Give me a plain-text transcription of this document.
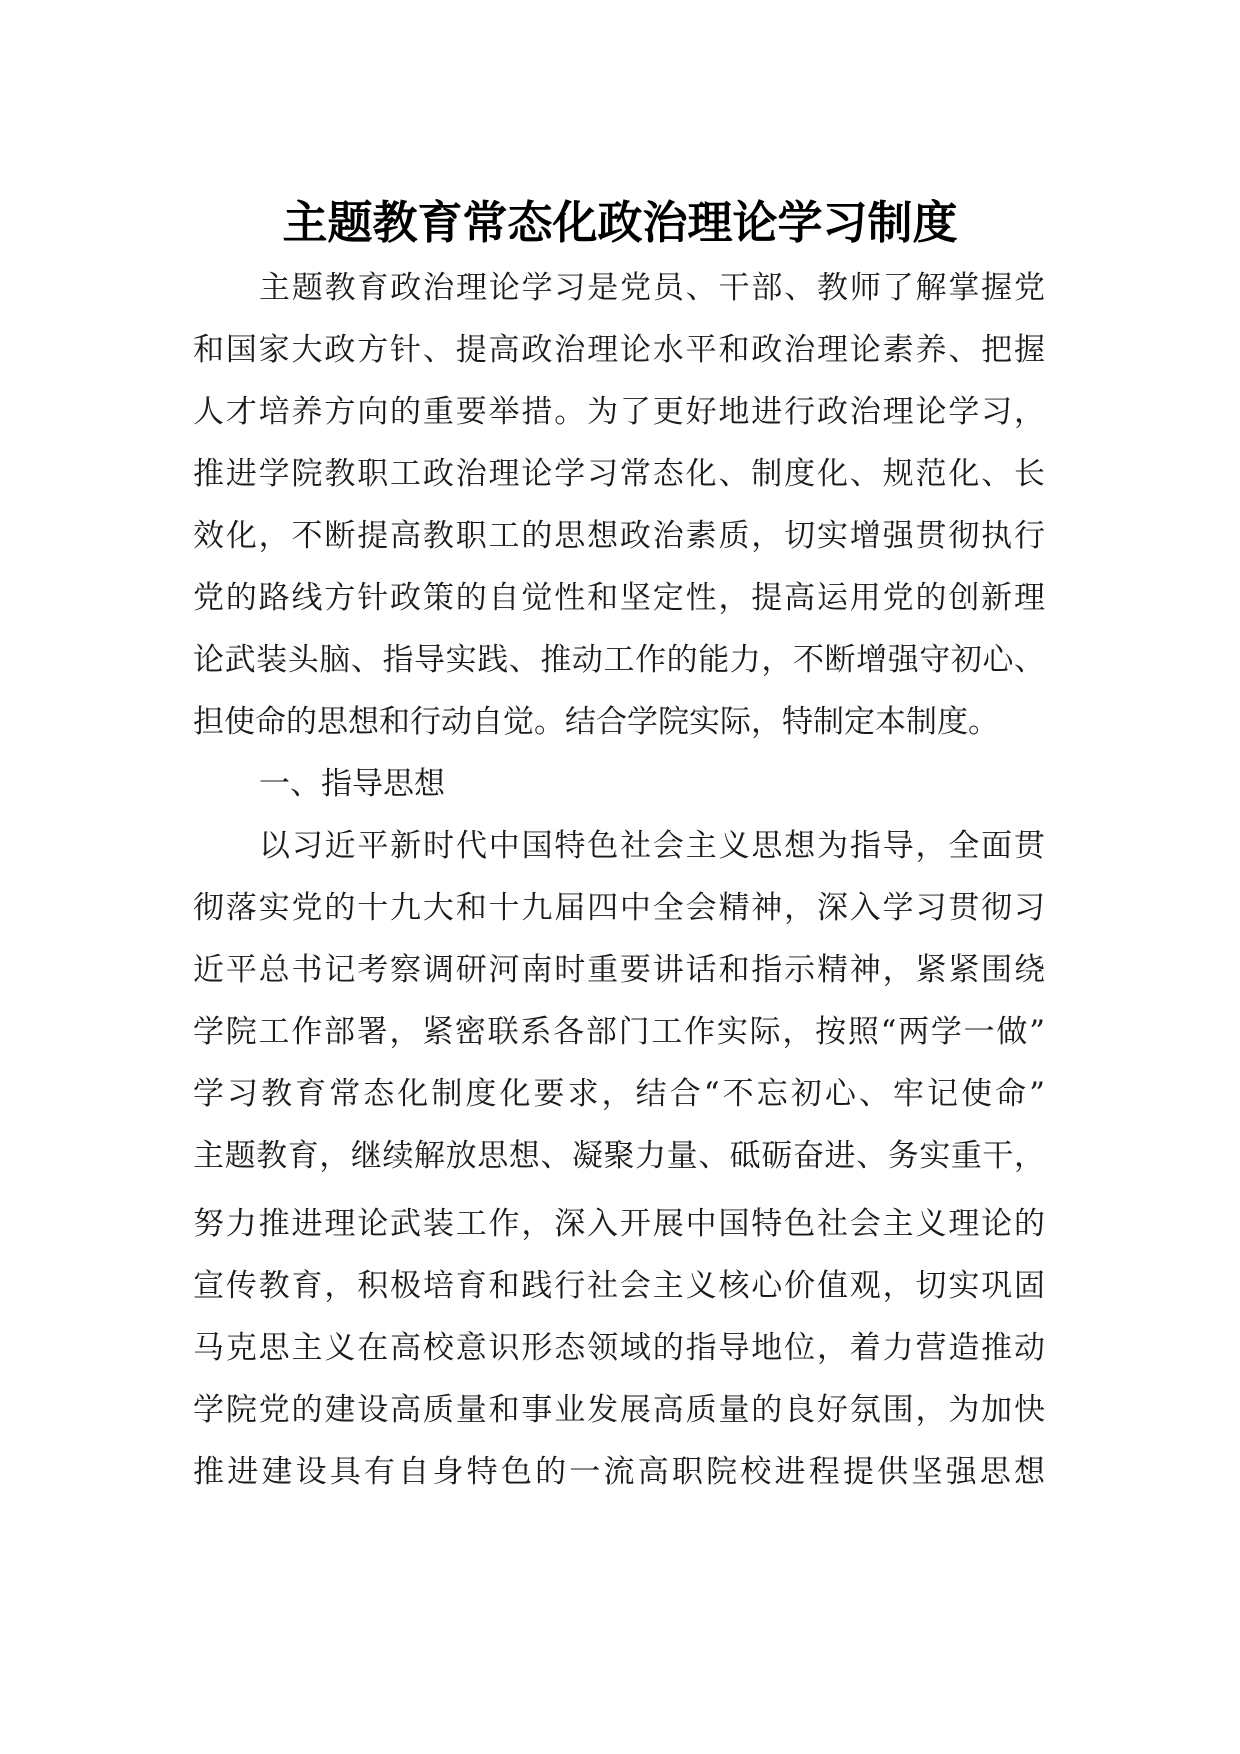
主题教育常态化政治理论学习制度
主题教育政治理论学习是党员、干部、教师了解掌握党
和国家大政方针、提高政治理论水平和政治理论素养、把握
人才培养方向的重要举措。为了更好地进行政治理论学习，
推进学院教职工政治理论学习常态化、制度化、规范化、长
效化，不断提高教职工的思想政治素质，切实增强贯彻执行
党的路线方针政策的自觉性和坚定性，提高运用党的创新理
论武装头脑、指导实践、推动工作的能力，不断增强守初心、
担使命的思想和行动自觉。结合学院实际，特制定本制度。
一、指导思想
以习近平新时代中国特色社会主义思想为指导，全面贯
彻落实党的十九大和十九届四中全会精神，深入学习贯彻习
近平总书记考察调研河南时重要讲话和指示精神，紧紧围绕
学院工作部署，紧密联系各部门工作实际，按照“两学一做”
学习教育常态化制度化要求，结合“不忘初心、牢记使命”
主题教育，继续解放思想、凝聚力量、砥砺奋进、务实重干，
努力推进理论武装工作，深入开展中国特色社会主义理论的
宣传教育，积极培育和践行社会主义核心价值观，切实巩固
马克思主义在高校意识形态领域的指导地位，着力营造推动
学院党的建设高质量和事业发展高质量的良好氛围，为加快
推进建设具有自身特色的一流高职院校进程提供坚强思想
